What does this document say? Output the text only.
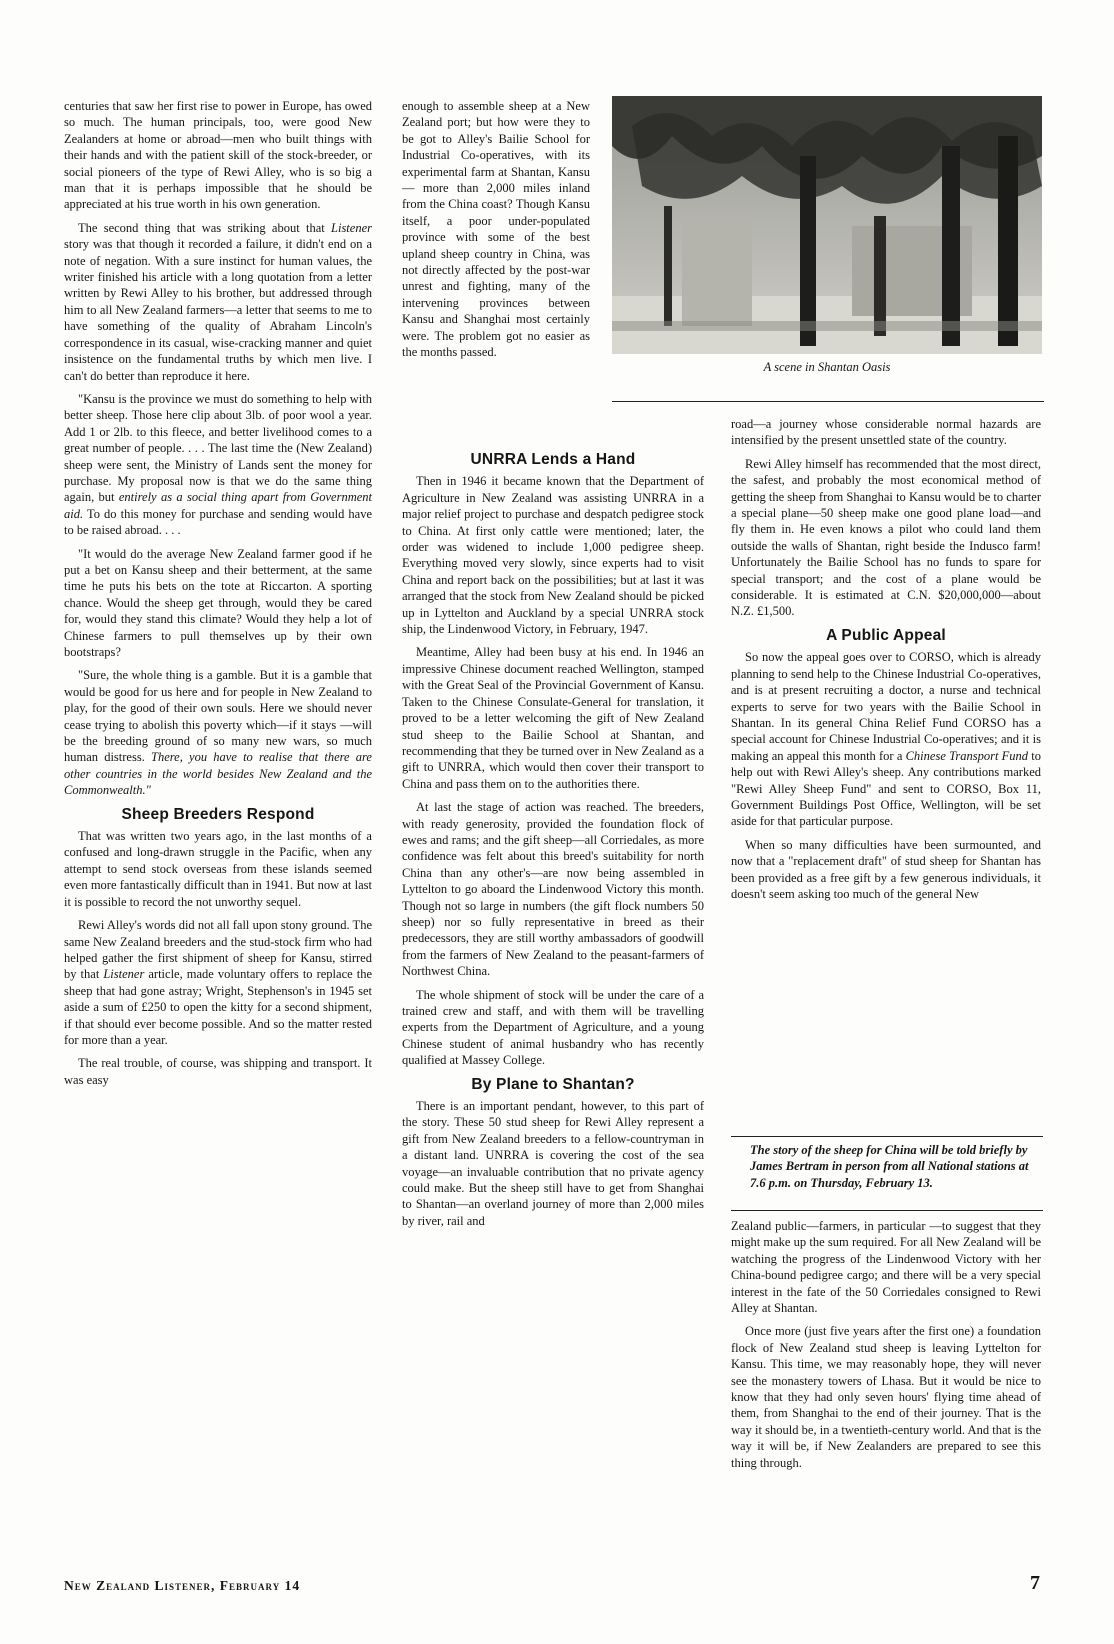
centuries that saw her first rise to power in Europe, has owed so much. The human principals, too, were good New Zealanders at home or abroad—men who built things with their hands and with the patient skill of the stock-breeder, or social pioneers of the type of Rewi Alley, who is so big a man that it is perhaps impossible that he should be appreciated at his true worth in his own generation.

The second thing that was striking about that Listener story was that though it recorded a failure, it didn't end on a note of negation. With a sure instinct for human values, the writer finished his article with a long quotation from a letter written by Rewi Alley to his brother, but addressed through him to all New Zealand farmers—a letter that seems to me to have something of the quality of Abraham Lincoln's correspondence in its casual, wise-cracking manner and quiet insistence on the fundamental truths by which men live. I can't do better than reproduce it here.

"Kansu is the province we must do something to help with better sheep. Those here clip about 3lb. of poor wool a year. Add 1 or 2lb. to this fleece, and better livelihood comes to a great number of people. . . . The last time the (New Zealand) sheep were sent, the Ministry of Lands sent the money for purchase. My proposal now is that we do the same thing again, but entirely as a social thing apart from Government aid. To do this money for purchase and sending would have to be raised abroad. . . .

"It would do the average New Zealand farmer good if he put a bet on Kansu sheep and their betterment, at the same time he puts his bets on the tote at Riccarton. A sporting chance. Would the sheep get through, would they be cared for, would they stand this climate? Would they help a lot of Chinese farmers to pull themselves up by their own bootstraps?

"Sure, the whole thing is a gamble. But it is a gamble that would be good for us here and for people in New Zealand to play, for the good of their own souls. Here we should never cease trying to abolish this poverty which—if it stays —will be the breeding ground of so many new wars, so much human distress. There, you have to realise that there are other countries in the world besides New Zealand and the Commonwealth."

Sheep Breeders Respond

That was written two years ago, in the last months of a confused and long-drawn struggle in the Pacific, when any attempt to send stock overseas from these islands seemed even more fantastically difficult than in 1941. But now at last it is possible to record the not unworthy sequel.

Rewi Alley's words did not all fall upon stony ground. The same New Zealand breeders and the stud-stock firm who had helped gather the first shipment of sheep for Kansu, stirred by that Listener article, made voluntary offers to replace the sheep that had gone astray; Wright, Stephenson's in 1945 set aside a sum of £250 to open the kitty for a second shipment, if that should ever become possible. And so the matter rested for more than a year.

The real trouble, of course, was shipping and transport. It was easy

enough to assemble sheep at a New Zealand port; but how were they to be got to Alley's Bailie School for Industrial Co-operatives, with its experimental farm at Shantan, Kansu — more than 2,000 miles inland from the China coast? Though Kansu itself, a poor under-populated province with some of the best upland sheep country in China, was not directly affected by the post-war unrest and fighting, many of the intervening provinces between Kansu and Shanghai most certainly were. The problem got no easier as the months passed.

A scene in Shantan Oasis
UNRRA Lends a Hand

Then in 1946 it became known that the Department of Agriculture in New Zealand was assisting UNRRA in a major relief project to purchase and despatch pedigree stock to China. At first only cattle were mentioned; later, the order was widened to include 1,000 pedigree sheep. Everything moved very slowly, since experts had to visit China and report back on the possibilities; but at last it was arranged that the stock from New Zealand should be picked up in Lyttelton and Auckland by a special UNRRA stock ship, the Lindenwood Victory, in February, 1947.

Meantime, Alley had been busy at his end. In 1946 an impressive Chinese document reached Wellington, stamped with the Great Seal of the Provincial Government of Kansu. Taken to the Chinese Consulate-General for translation, it proved to be a letter welcoming the gift of New Zealand stud sheep to the Bailie School at Shantan, and recommending that they be turned over in New Zealand as a gift to UNRRA, which would then cover their transport to China and pass them on to the authorities there.

At last the stage of action was reached. The breeders, with ready generosity, provided the foundation flock of ewes and rams; and the gift sheep—all Corriedales, as more confidence was felt about this breed's suitability for north China than any other's—are now being assembled in Lyttelton to go aboard the Lindenwood Victory this month. Though not so large in numbers (the gift flock numbers 50 sheep) nor so fully representative in breed as their predecessors, they are still worthy ambassadors of goodwill from the farmers of New Zealand to the peasant-farmers of Northwest China.

The whole shipment of stock will be under the care of a trained crew and staff, and with them will be travelling experts from the Department of Agriculture, and a young Chinese student of animal husbandry who has recently qualified at Massey College.

By Plane to Shantan?

There is an important pendant, however, to this part of the story. These 50 stud sheep for Rewi Alley represent a gift from New Zealand breeders to a fellow-countryman in a distant land. UNRRA is covering the cost of the sea voyage—an invaluable contribution that no private agency could make. But the sheep still have to get from Shanghai to Shantan—an overland journey of more than 2,000 miles by river, rail and

road—a journey whose considerable normal hazards are intensified by the present unsettled state of the country.

Rewi Alley himself has recommended that the most direct, the safest, and probably the most economical method of getting the sheep from Shanghai to Kansu would be to charter a special plane—50 sheep make one good plane load—and fly them in. He even knows a pilot who could land them outside the walls of Shantan, right beside the Indusco farm! Unfortunately the Bailie School has no funds to spare for special transport; and the cost of a plane would be considerable. It is estimated at C.N. $20,000,000—about N.Z. £1,500.

A Public Appeal

So now the appeal goes over to CORSO, which is already planning to send help to the Chinese Industrial Co-operatives, and is at present recruiting a doctor, a nurse and technical experts to serve for two years with the Bailie School in Shantan. In its general China Relief Fund CORSO has a special account for Chinese Industrial Co-operatives; and it is making an appeal this month for a Chinese Transport Fund to help out with Rewi Alley's sheep. Any contributions marked "Rewi Alley Sheep Fund" and sent to CORSO, Box 11, Government Buildings Post Office, Wellington, will be set aside for that particular purpose.

When so many difficulties have been surmounted, and now that a "replacement draft" of stud sheep for Shantan has been provided as a free gift by a few generous individuals, it doesn't seem asking too much of the general New

The story of the sheep for China will be told briefly by James Bertram in person from all National stations at 7.6 p.m. on Thursday, February 13.

Zealand public—farmers, in particular —to suggest that they might make up the sum required. For all New Zealand will be watching the progress of the Lindenwood Victory with her China-bound pedigree cargo; and there will be a very special interest in the fate of the 50 Corriedales consigned to Rewi Alley at Shantan.

Once more (just five years after the first one) a foundation flock of New Zealand stud sheep is leaving Lyttelton for Kansu. This time, we may reasonably hope, they will never see the monastery towers of Lhasa. But it would be nice to know that they had only seven hours' flying time ahead of them, from Shanghai to the end of their journey. That is the way it should be, in a twentieth-century world. And that is the way it will be, if New Zealanders are prepared to see this thing through.

New Zealand Listener, February 14	7
